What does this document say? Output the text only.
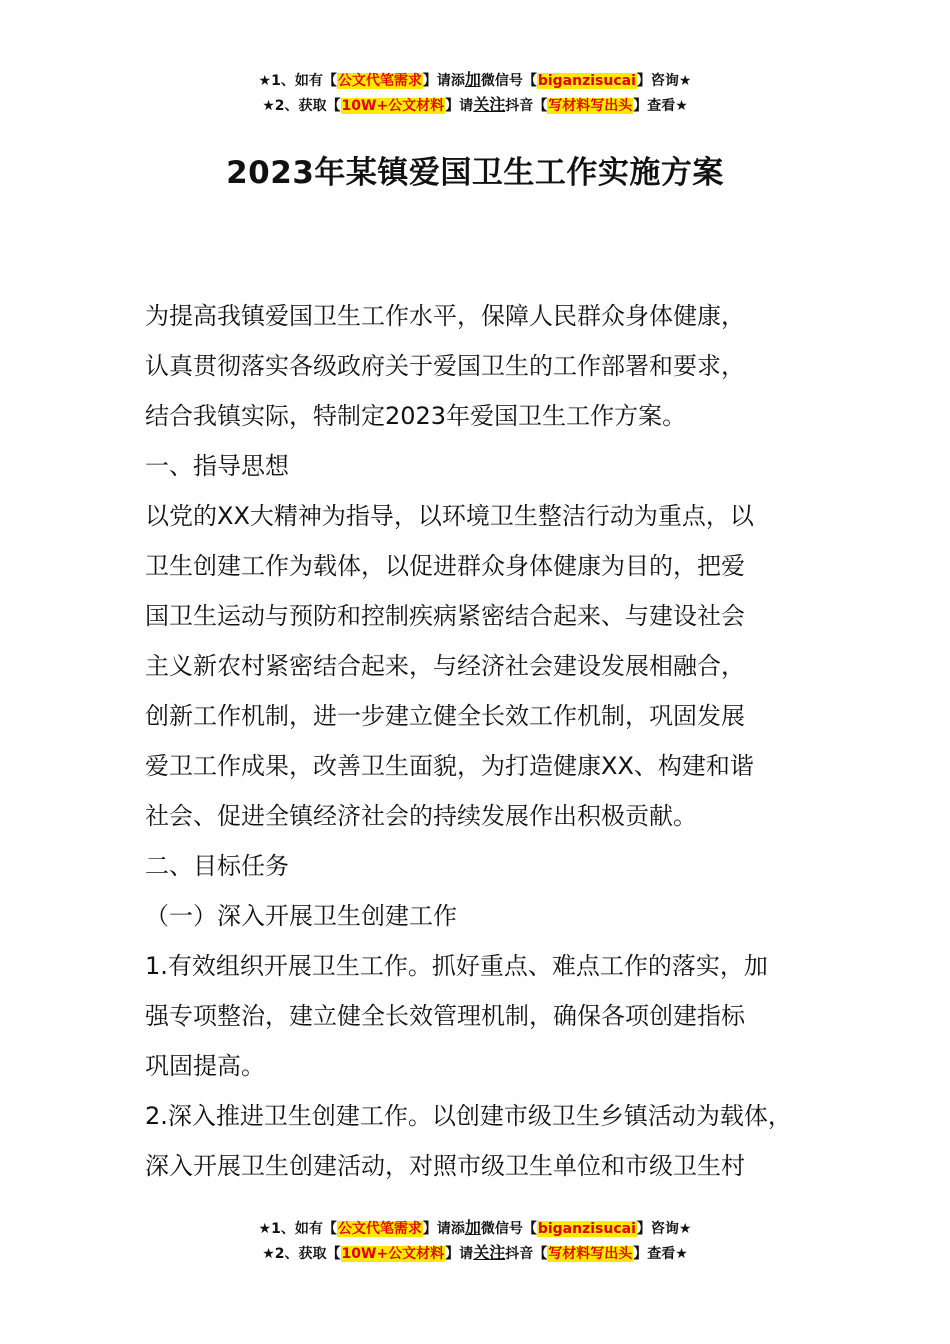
★1、如有【公文代笔需求】请添加微信号【biganzisucai】咨询★
★2、获取【10W+公文材料】请关注抖音【写材料写出头】查看★
2023年某镇爱国卫生工作实施方案
为提高我镇爱国卫生工作水平，保障人民群众身体健康，
认真贯彻落实各级政府关于爱国卫生的工作部署和要求，
结合我镇实际，特制定2023年爱国卫生工作方案。
一、指导思想
以党的XX大精神为指导，以环境卫生整洁行动为重点，以
卫生创建工作为载体，以促进群众身体健康为目的，把爱
国卫生运动与预防和控制疾病紧密结合起来、与建设社会
主义新农村紧密结合起来，与经济社会建设发展相融合，
创新工作机制，进一步建立健全长效工作机制，巩固发展
爱卫工作成果，改善卫生面貌，为打造健康XX、构建和谐
社会、促进全镇经济社会的持续发展作出积极贡献。
二、目标任务
（一）深入开展卫生创建工作
1.有效组织开展卫生工作。抓好重点、难点工作的落实，加
强专项整治，建立健全长效管理机制，确保各项创建指标
巩固提高。
2.深入推进卫生创建工作。以创建市级卫生乡镇活动为载体，
深入开展卫生创建活动，对照市级卫生单位和市级卫生村
★1、如有【公文代笔需求】请添加微信号【biganzisucai】咨询★
★2、获取【10W+公文材料】请关注抖音【写材料写出头】查看★
